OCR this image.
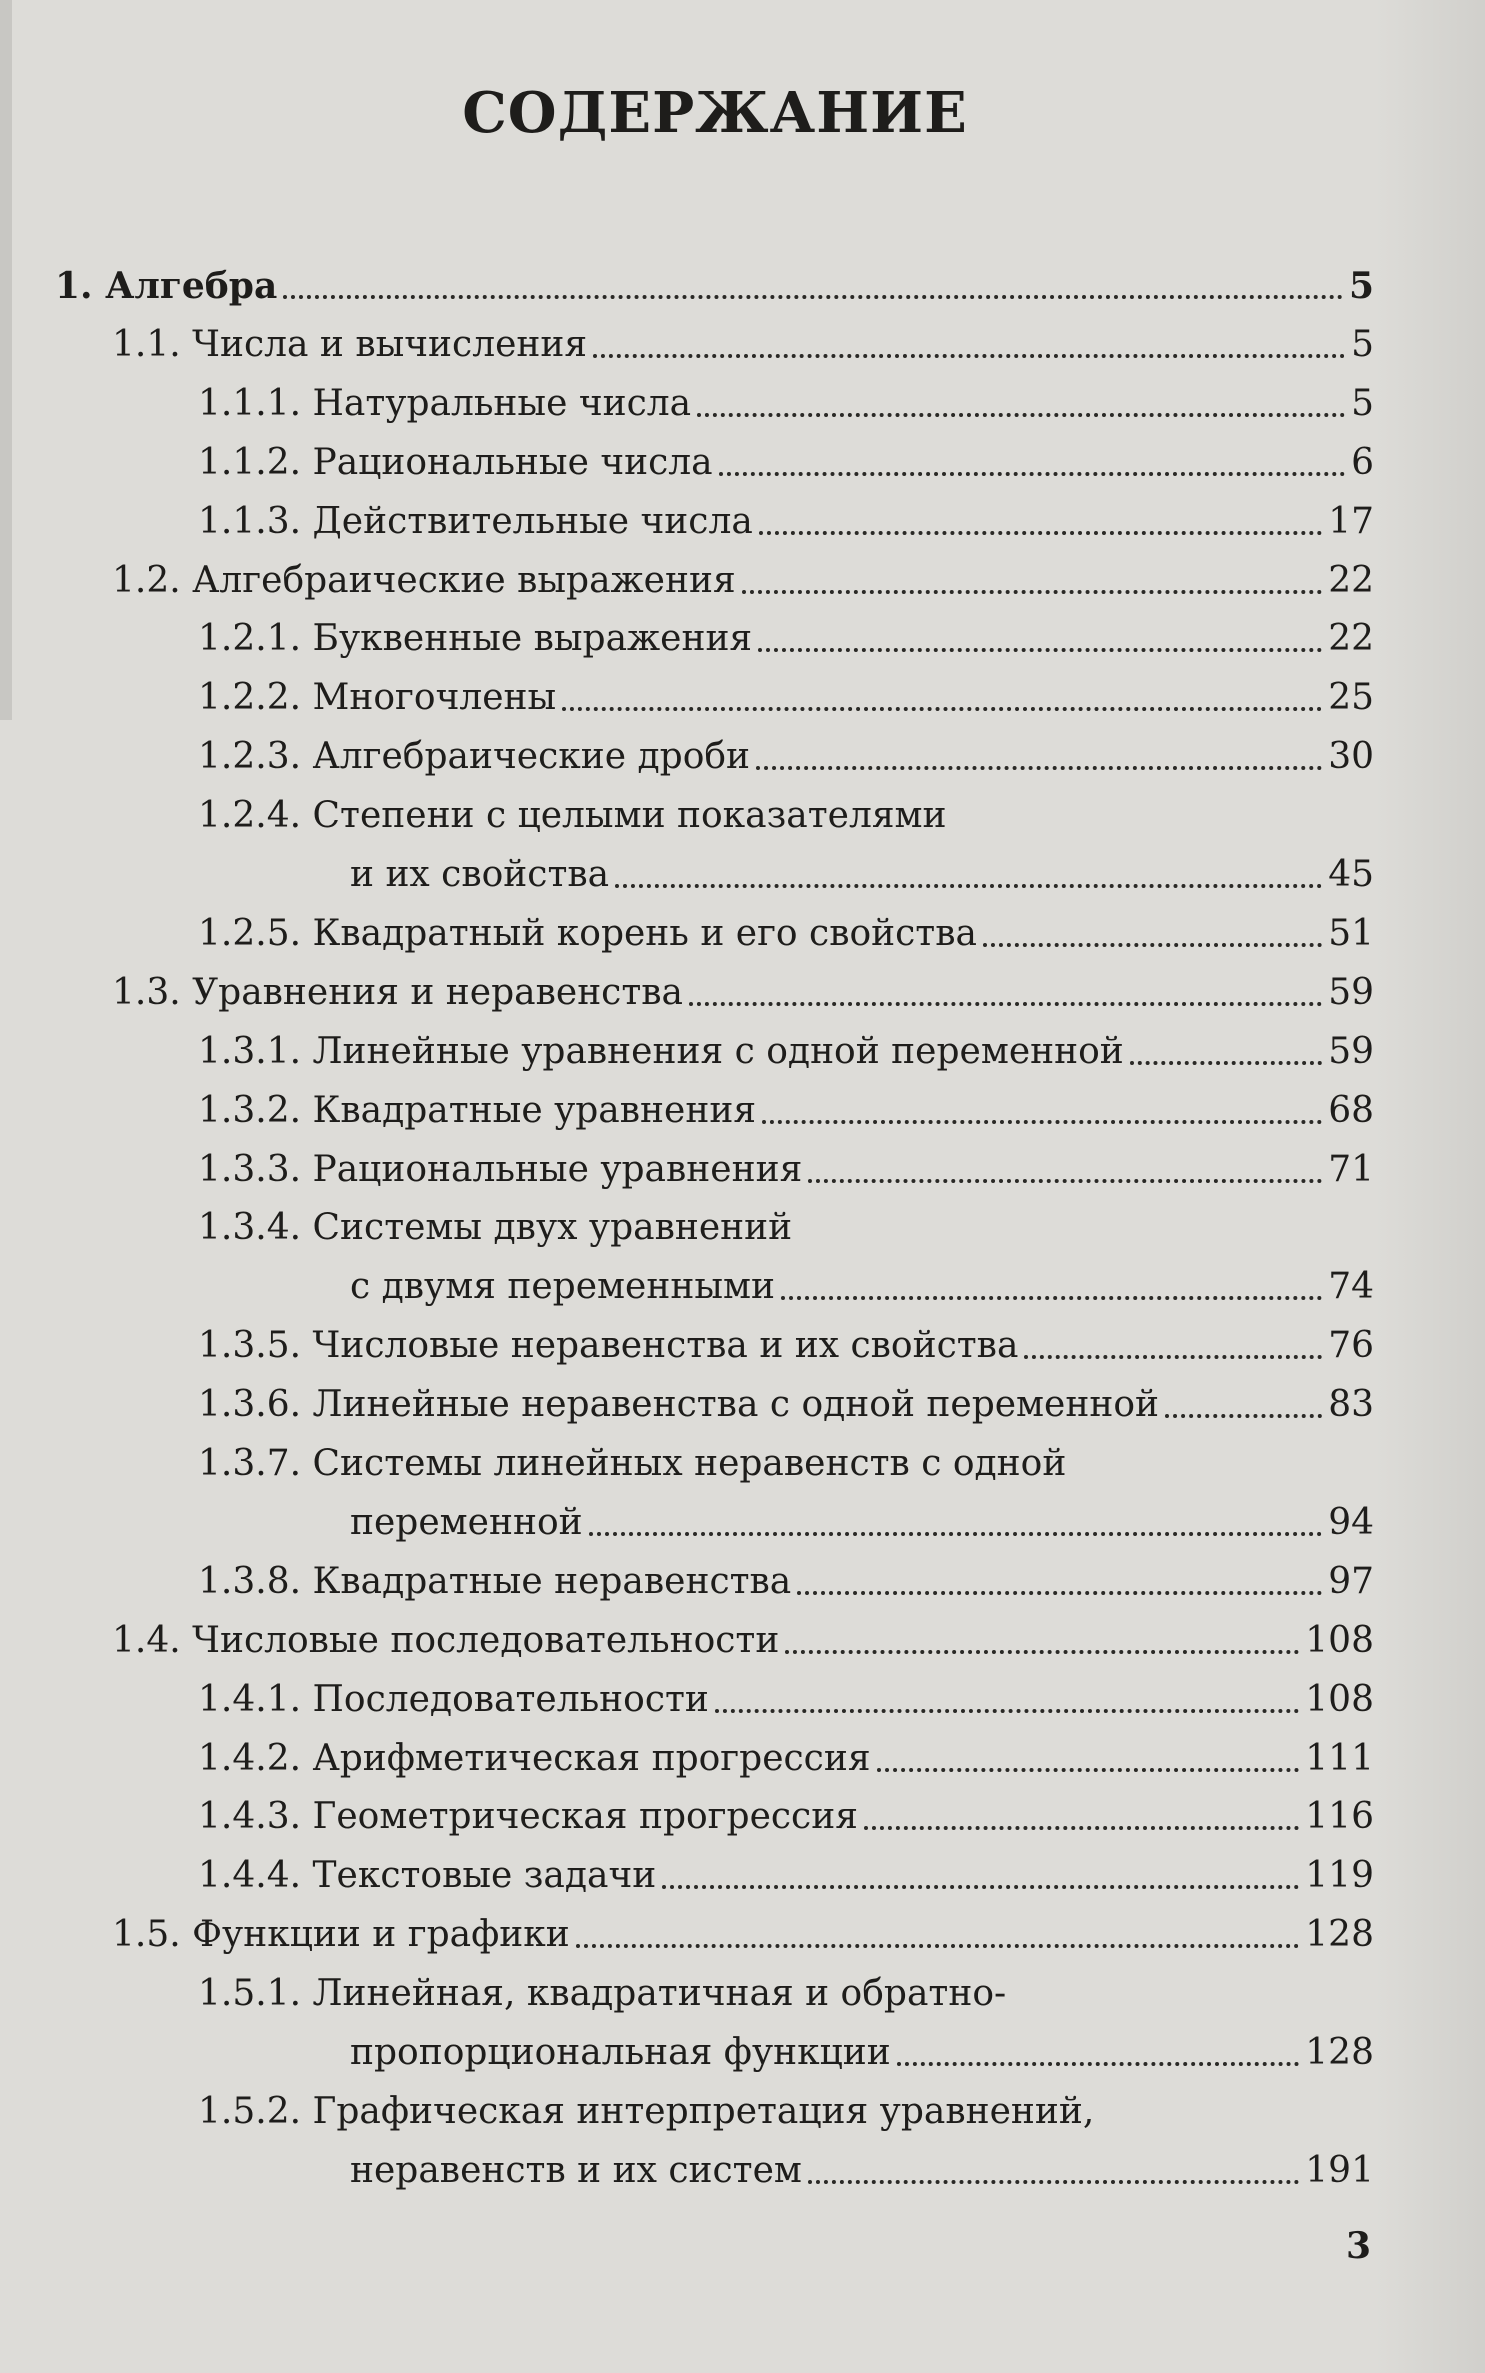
СОДЕРЖАНИЕ
1. Алгебра	5
1.1. Числа и вычисления	5
1.1.1. Натуральные числа	5
1.1.2. Рациональные числа	6
1.1.3. Действительные числа	17
1.2. Алгебраические выражения	22
1.2.1. Буквенные выражения	22
1.2.2. Многочлены	25
1.2.3. Алгебраические дроби	30
1.2.4. Степени с целыми показателями
и их свойства	45
1.2.5. Квадратный корень и его свойства	51
1.3. Уравнения и неравенства	59
1.3.1. Линейные уравнения с одной переменной	59
1.3.2. Квадратные уравнения	68
1.3.3. Рациональные уравнения	71
1.3.4. Системы двух уравнений
с двумя переменными	74
1.3.5. Числовые неравенства и их свойства	76
1.3.6. Линейные неравенства с одной переменной	83
1.3.7. Системы линейных неравенств с одной
переменной	94
1.3.8. Квадратные неравенства	97
1.4. Числовые последовательности	108
1.4.1. Последовательности	108
1.4.2. Арифметическая прогрессия	111
1.4.3. Геометрическая прогрессия	116
1.4.4. Текстовые задачи	119
1.5. Функции и графики	128
1.5.1. Линейная, квадратичная и обратно-
пропорциональная функции	128
1.5.2. Графическая интерпретация уравнений,
неравенств и их систем	191
3
